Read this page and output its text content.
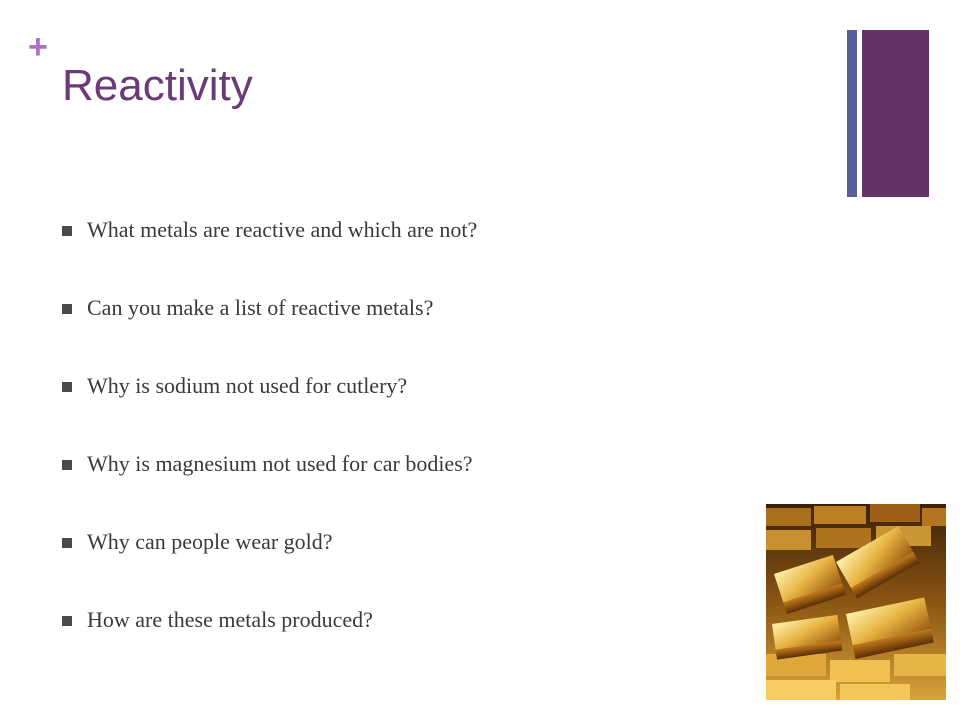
+
Reactivity
What metals are reactive and which are not?
Can you make a list of reactive metals?
Why is sodium not used for cutlery?
Why is magnesium not used for car bodies?
Why can people wear gold?
How are these metals produced?
